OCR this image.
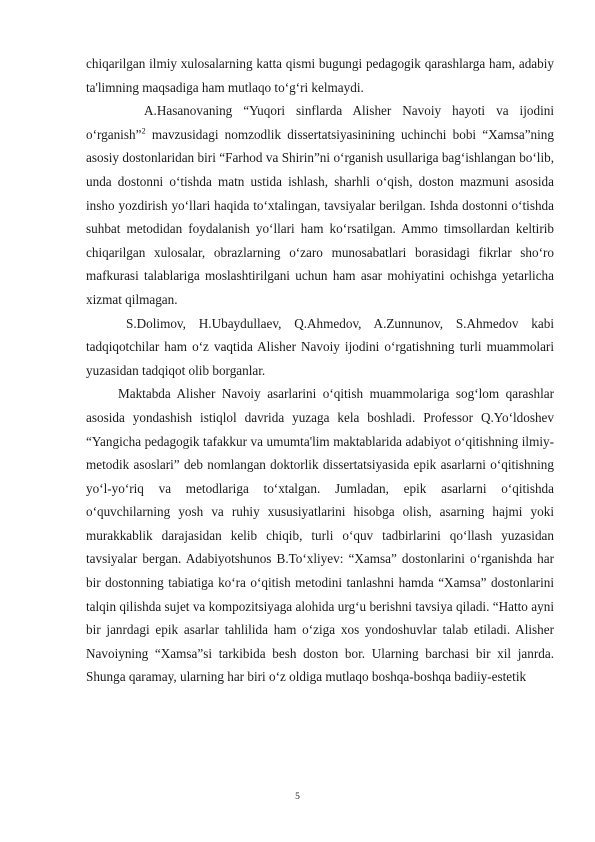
chiqarilgan ilmiy xulosalarning katta qismi bugungi pedagogik qarashlarga ham, adabiy ta'limning maqsadiga ham mutlaqo to‘g‘ri kelmaydi.

A.Hasanovaning “Yuqori sinflarda Alisher Navoiy hayoti va ijodini o‘rganish”$^2$ mavzusidagi nomzodlik dissertatsiyasinining uchinchi bobi “Xamsa”ning asosiy dostonlaridan biri “Farhod va Shirin”ni o‘rganish usullariga bag‘ishlangan bo‘lib, unda dostonni o‘tishda matn ustida ishlash, sharhli o‘qish, doston mazmuni asosida insho yozdirish yo‘llari haqida to‘xtalingan, tavsiyalar berilgan. Ishda dostonni o‘tishda suhbat metodidan foydalanish yo‘llari ham ko‘rsatilgan. Ammo timsollardan keltirib chiqarilgan xulosalar, obrazlarning o‘zaro munosabatlari borasidagi fikrlar sho‘ro mafkurasi talablariga moslashtirilgani uchun ham asar mohiyatini ochishga yetarlicha xizmat qilmagan.

S.Dolimov, H.Ubaydullaev, Q.Ahmedov, A.Zunnunov, S.Ahmedov kabi tadqiqotchilar ham o‘z vaqtida Alisher Navoiy ijodini o‘rgatishning turli muammolari yuzasidan tadqiqot olib borganlar.

Maktabda Alisher Navoiy asarlarini o‘qitish muammolariga sog‘lom qarashlar asosida yondashish istiqlol davrida yuzaga kela boshladi. Professor Q.Yo‘ldoshev “Yangicha pedagogik tafakkur va umumta'lim maktablarida adabiyot o‘qitishning ilmiy-metodik asoslari” deb nomlangan doktorlik dissertatsiyasida epik asarlarni o‘qitishning yo‘l-yo‘riq va metodlariga to‘xtalgan. Jumladan, epik asarlarni o‘qitishda o‘quvchilarning yosh va ruhiy xususiyatlarini hisobga olish, asarning hajmi yoki murakkablik darajasidan kelib chiqib, turli o‘quv tadbirlarini qo‘llash yuzasidan tavsiyalar bergan. Adabiyotshunos B.To‘xliyev: “Xamsa” dostonlarini o‘rganishda har bir dostonning tabiatiga ko‘ra o‘qitish metodini tanlashni hamda “Xamsa” dostonlarini talqin qilishda sujet va kompozitsiyaga alohida urg‘u berishni tavsiya qiladi. “Hatto ayni bir janrdagi epik asarlar tahlilida ham o‘ziga xos yondoshuvlar talab etiladi. Alisher Navoiyning “Xamsa”si tarkibida besh doston bor. Ularning barchasi bir xil janrda. Shunga qaramay, ularning har biri o‘z oldiga mutlaqo boshqa-boshqa badiiy-estetik

5
